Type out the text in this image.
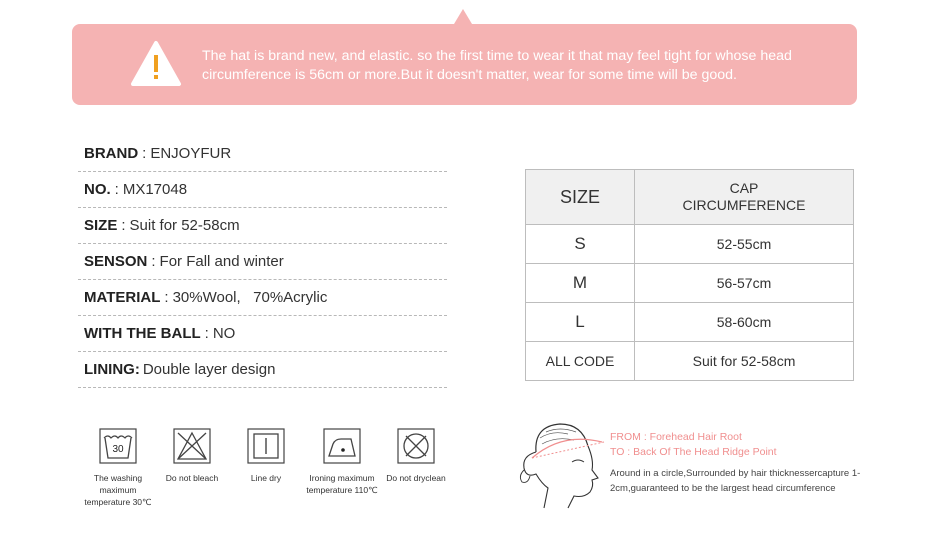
The hat is brand new, and elastic. so the first time to wear it that may feel tight for whose head circumference is 56cm or more.But it doesn't matter, wear for some time will be good.
BRAND : ENJOYFUR
NO. : MX17048
SIZE : Suit for 52-58cm
SENSON : For Fall and winter
MATERIAL : 30%Wool,   70%Acrylic
WITH THE BALL : NO
LINING: Double layer design
SIZE	CAP
CIRCUMFERENCE
S	52-55cm
M	56-57cm
L	58-60cm
ALL CODE	Suit for 52-58cm
30
The washing maximum temperature 30℃
Do not bleach	Line dry	Ironing maximum temperature 110℃
Do not dryclean
FROM : Forehead Hair Root
TO : Back Of The Head Ridge Point
Around in a circle,Surrounded by hair thicknessercapture 1-2cm,guaranteed to be the largest head circumference
